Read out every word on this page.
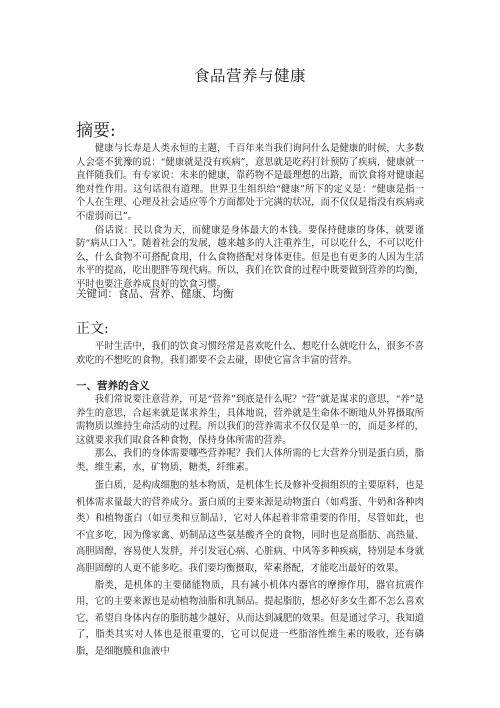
食品营养与健康
摘要:

健康与长寿是人类永恒的主题，千百年来当我们询问什么是健康的时候，大多数人会毫不犹豫的说：“健康就是没有疾病”，意思就是吃药打针预防了疾病，健康就一直伴随我们。有专家说：未来的健康，靠药物不是最理想的出路，而饮食将对健康起绝对性作用。这句话很有道理。世界卫生组织给“健康”所下的定义是：“健康是指一个人在生理、心理及社会适应等个方面都处于完满的状况，而不仅仅是指没有疾病或不虚弱而已”。

俗话说：民以食为天，而健康是身体最大的本钱。要保持健康的身体，就要谨防“病从口入”。随着社会的发展，越来越多的人注重养生，可以吃什么，不可以吃什么，什么食物不可搭配食用，什么食物搭配对身体更佳。但是也有更多的人因为生活水平的提高，吃出肥胖等现代病。所以，我们在饮食的过程中既要做到营养的均衡，平时也要注意养成良好的饮食习惯。

关键词：食品、营养、健康、均衡
正文:

平时生活中，我们的饮食习惯经常是喜欢吃什么、想吃什么就吃什么，很多不喜欢吃的不想吃的食物，我们都要不会去碰，即使它富含丰富的营养。

一、营养的含义

我们常说要注意营养，可是“营养”到底是什么呢？“营”就是谋求的意思，“养”是养生的意思，合起来就是谋求养生，具体地说，营养就是生命体不断地从外界摄取所需物质以维持生命活动的过程。所以我们的营养需求不仅仅是单一的，而是多样的，这就要求我们取食各种食物，保持身体所需的营养。

那么，我们的身体需要哪些营养呢？我们人体所需的七大营养分别是蛋白质，脂类，维生素，水，矿物质，糖类，纤维素。

蛋白质，是构成细胞的基本物质，是机体生长及修补受损组织的主要原料，也是机体需求量最大的营养成分。蛋白质的主要来源是动物蛋白（如鸡蛋、牛奶和各种肉类）和植物蛋白（如豆类和豆制品），它对人体起着非常重要的作用，尽管如此，也不宜多吃，因为像家禽、奶制品这些氨基酸齐全的食物，同时也是高脂肪、高热量、高胆固醇，容易使人发胖，并引发冠心病、心脏病、中风等多种疾病，特别是本身就高胆固醇的人更不能多吃。我们要均衡摄取，荤素搭配，才能吃出最好的效果。

脂类，是机体的主要储能物质，具有减小机体内器官的摩擦作用，器官抗震作用，它的主要来源也是动植物油脂和乳制品。提起脂肪，想必好多女生都不怎么喜欢它，希望自身体内存的脂肪越少越好，从而达到减肥的效果。但是通过学习，我知道了，脂类其实对人体也是很重要的，它可以促进一些脂溶性维生素的吸收，还有磷脂，是细胞膜和血液中
